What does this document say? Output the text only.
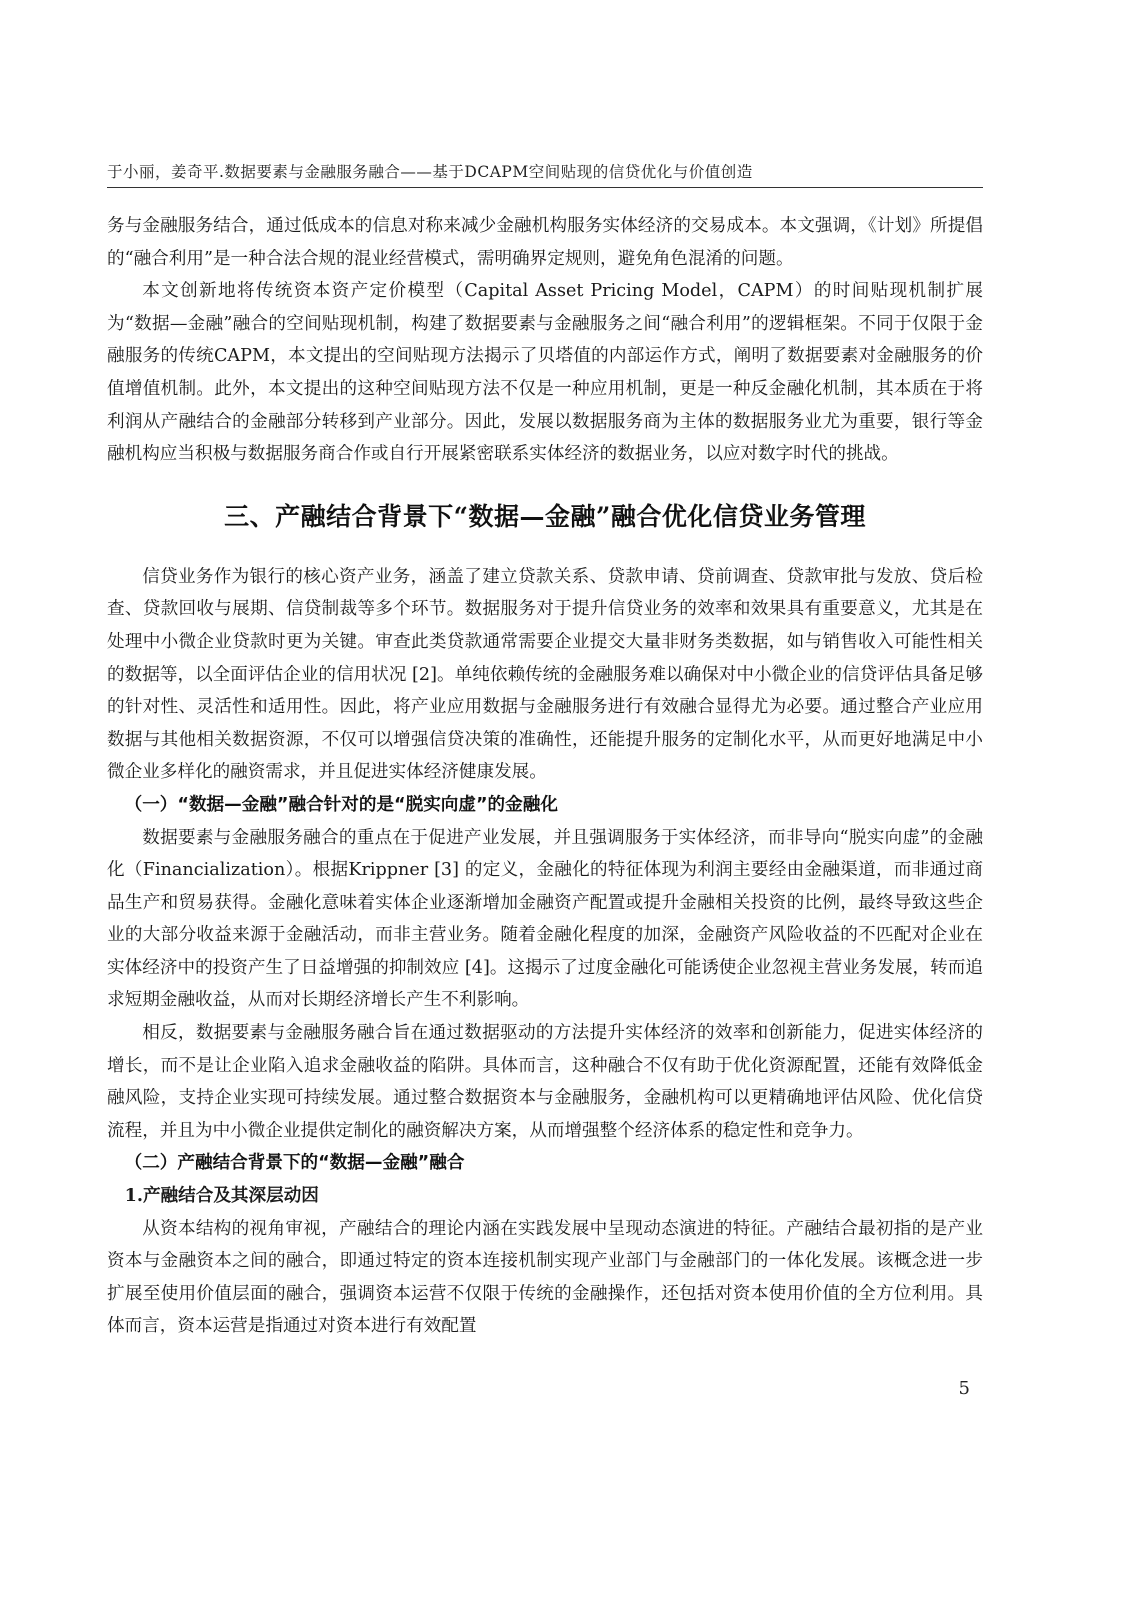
于小丽，姜奇平.数据要素与金融服务融合——基于DCAPM空间贴现的信贷优化与价值创造

务与金融服务结合，通过低成本的信息对称来减少金融机构服务实体经济的交易成本。本文强调，《计划》所提倡的“融合利用”是一种合法合规的混业经营模式，需明确界定规则，避免角色混淆的问题。

本文创新地将传统资本资产定价模型（Capital Asset Pricing Model，CAPM）的时间贴现机制扩展为“数据—金融”融合的空间贴现机制，构建了数据要素与金融服务之间“融合利用”的逻辑框架。不同于仅限于金融服务的传统CAPM，本文提出的空间贴现方法揭示了贝塔值的内部运作方式，阐明了数据要素对金融服务的价值增值机制。此外，本文提出的这种空间贴现方法不仅是一种应用机制，更是一种反金融化机制，其本质在于将利润从产融结合的金融部分转移到产业部分。因此，发展以数据服务商为主体的数据服务业尤为重要，银行等金融机构应当积极与数据服务商合作或自行开展紧密联系实体经济的数据业务，以应对数字时代的挑战。

三、产融结合背景下“数据—金融”融合优化信贷业务管理

信贷业务作为银行的核心资产业务，涵盖了建立贷款关系、贷款申请、贷前调查、贷款审批与发放、贷后检查、贷款回收与展期、信贷制裁等多个环节。数据服务对于提升信贷业务的效率和效果具有重要意义，尤其是在处理中小微企业贷款时更为关键。审查此类贷款通常需要企业提交大量非财务类数据，如与销售收入可能性相关的数据等，以全面评估企业的信用状况 [2]。单纯依赖传统的金融服务难以确保对中小微企业的信贷评估具备足够的针对性、灵活性和适用性。因此，将产业应用数据与金融服务进行有效融合显得尤为必要。通过整合产业应用数据与其他相关数据资源，不仅可以增强信贷决策的准确性，还能提升服务的定制化水平，从而更好地满足中小微企业多样化的融资需求，并且促进实体经济健康发展。

（一）“数据—金融”融合针对的是“脱实向虚”的金融化

数据要素与金融服务融合的重点在于促进产业发展，并且强调服务于实体经济，而非导向“脱实向虚”的金融化（Financialization）。根据Krippner [3] 的定义，金融化的特征体现为利润主要经由金融渠道，而非通过商品生产和贸易获得。金融化意味着实体企业逐渐增加金融资产配置或提升金融相关投资的比例，最终导致这些企业的大部分收益来源于金融活动，而非主营业务。随着金融化程度的加深，金融资产风险收益的不匹配对企业在实体经济中的投资产生了日益增强的抑制效应 [4]。这揭示了过度金融化可能诱使企业忽视主营业务发展，转而追求短期金融收益，从而对长期经济增长产生不利影响。

相反，数据要素与金融服务融合旨在通过数据驱动的方法提升实体经济的效率和创新能力，促进实体经济的增长，而不是让企业陷入追求金融收益的陷阱。具体而言，这种融合不仅有助于优化资源配置，还能有效降低金融风险，支持企业实现可持续发展。通过整合数据资本与金融服务，金融机构可以更精确地评估风险、优化信贷流程，并且为中小微企业提供定制化的融资解决方案，从而增强整个经济体系的稳定性和竞争力。

（二）产融结合背景下的“数据—金融”融合
1.产融结合及其深层动因

从资本结构的视角审视，产融结合的理论内涵在实践发展中呈现动态演进的特征。产融结合最初指的是产业资本与金融资本之间的融合，即通过特定的资本连接机制实现产业部门与金融部门的一体化发展。该概念进一步扩展至使用价值层面的融合，强调资本运营不仅限于传统的金融操作，还包括对资本使用价值的全方位利用。具体而言，资本运营是指通过对资本进行有效配置

5
